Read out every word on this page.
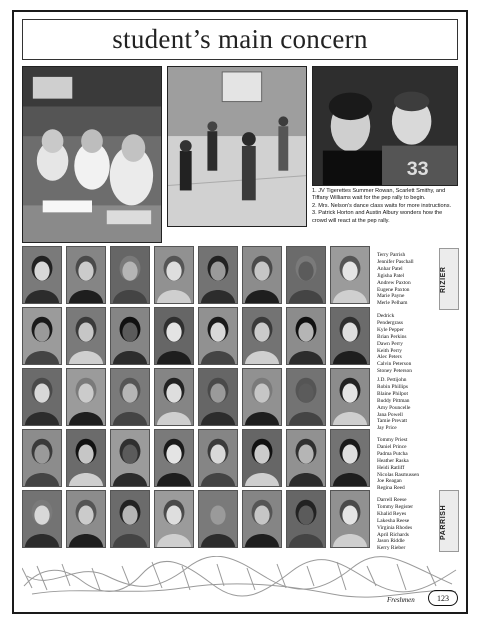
student’s main concern
33

1. JV Tigerettes Summer Rowan, Scarlett Smithy, and Tiffany Williams wait for the pep rally to begin.

2. Mrs. Nelson's dance class waits for more instructions.

3. Patrick Horton and Austin Albury wonders how the crowd will react at the pep rally.

Terry Parrish
Jennifer Paschall
Anhar Patel
Jigisha Patel
Andrew Paxton
Eugene Paxton
Marie Payne
Merle Pelham
Dedrick
Pendergrass
Kyle Pepper
Brian Perkins
Dawn Perry
Keith Perry
Alec Peters
Calvin Peterson
Stoney Peterson
J.D. Pettijohn
Robin Phillips
Blaine Philpot
Buddy Pittman
Amy Pouncelle
Jana Powell
Tamie Prevatt
Jay Price
Tommy Priest
Daniel Prince
Padma Putcha
Heather Raska
Heidi Ratliff
Nicolas Rasmussen
Joe Reagan
Regina Reed
Darrell Reese
Tommy Register
Khalid Reyes
Lakesha Reese
Virginia Rhodes
April Richards
Jason Riddle
Kerry Rieber
RIZIER
PARRISH
Freshmen	123
